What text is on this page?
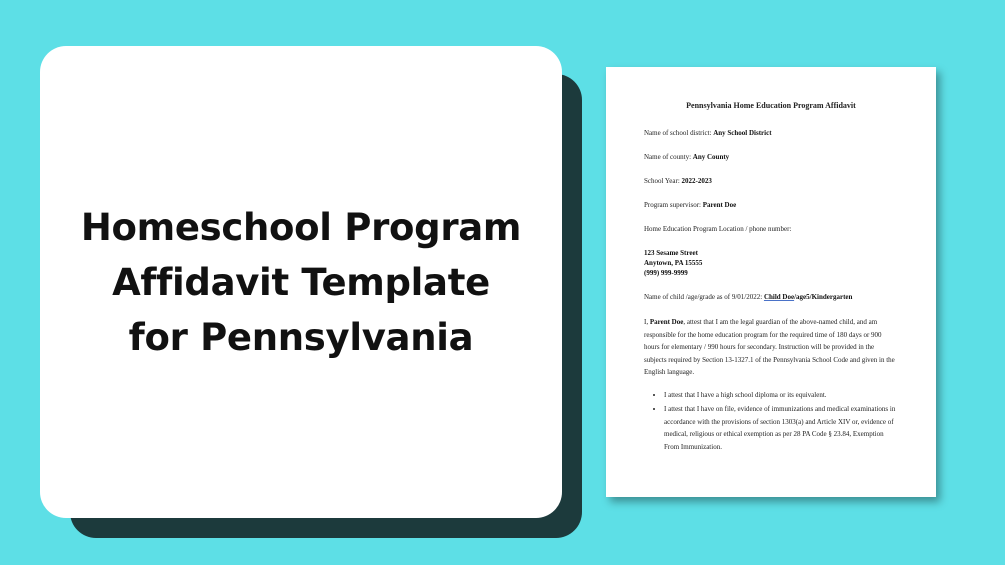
Homeschool Program
Affidavit Template
for Pennsylvania
Pennsylvania Home Education Program Affidavit

Name of school district: Any School District

Name of county: Any County

School Year: 2022-2023

Program supervisor: Parent Doe

Home Education Program Location / phone number:

123 Sesame Street
Anytown, PA 15555
(999) 999-9999

Name of child /age/grade as of 9/01/2022: Child Doe/age5/Kindergarten

I, Parent Doe, attest that I am the legal guardian of the above-named child, and am responsible for the home education program for the required time of 180 days or 900 hours for elementary / 990 hours for secondary. Instruction will be provided in the subjects required by Section 13-1327.1 of the Pennsylvania School Code and given in the English language.

• I attest that I have a high school diploma or its equivalent.
• I attest that I have on file, evidence of immunizations and medical examinations in accordance with the provisions of section 1303(a) and Article XIV or, evidence of medical, religious or ethical exemption as per 28 PA Code § 23.84, Exemption From Immunization.
